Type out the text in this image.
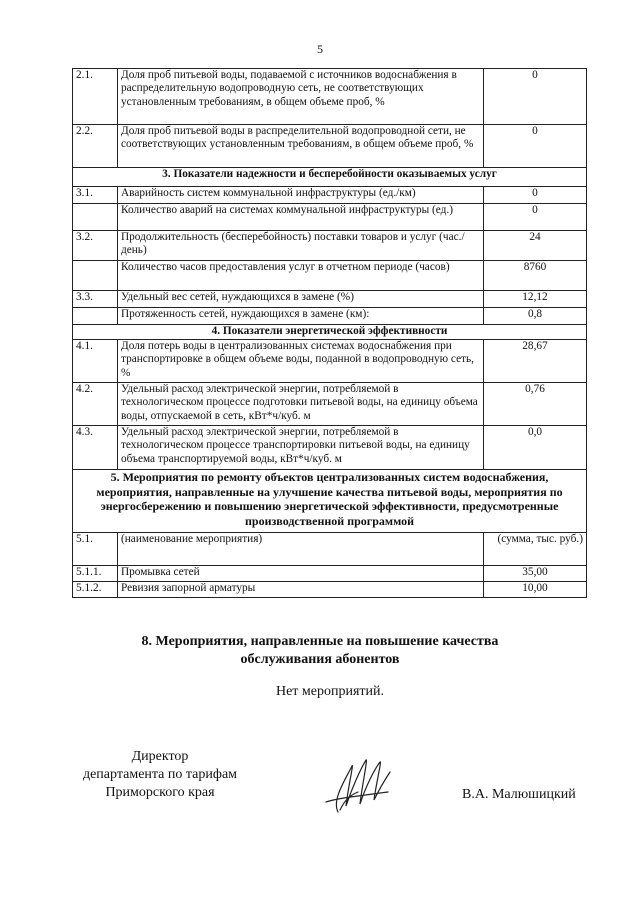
5
2.1.	Доля проб питьевой воды, подаваемой с источников водоснабжения в распределительную водопроводную сеть, не соответствующих установленным требованиям, в общем объеме проб, %	0
2.2.	Доля проб питьевой воды в распределительной водопроводной сети, не соответствующих установленным требованиям, в общем объеме проб, %	0
3. Показатели надежности и бесперебойности оказываемых услуг		
3.1.	Аварийность систем коммунальной инфраструктуры (ед./км)	0
	Количество аварий на системах коммунальной инфраструктуры (ед.)	0
3.2.	Продолжительность (бесперебойность) поставки товаров и услуг (час./день)	24
	Количество часов предоставления услуг в отчетном периоде (часов)	8760
3.3.	Удельный вес сетей, нуждающихся в замене (%)	12,12
	Протяженность сетей, нуждающихся в замене (км):	0,8
4. Показатели энергетической эффективности		
4.1.	Доля потерь воды в централизованных системах водоснабжения при транспортировке в общем объеме воды, поданной в водопроводную сеть, %	28,67
4.2.	Удельный расход электрической энергии, потребляемой в технологическом процессе подготовки питьевой воды, на единицу объема воды, отпускаемой в сеть, кВт*ч/куб. м	0,76
4.3.	Удельный расход электрической энергии, потребляемой в технологическом процессе транспортировки питьевой воды, на единицу объема транспортируемой воды, кВт*ч/куб. м	0,0
5. Мероприятия по ремонту объектов централизованных систем водоснабжения, мероприятия, направленные на улучшение качества питьевой воды, мероприятия по энергосбережению и повышению энергетической эффективности, предусмотренные производственной программой		
5.1.	(наименование мероприятия)	(сумма, тыс. руб.)
5.1.1.	Промывка сетей	35,00
5.1.2.	Ревизия запорной арматуры	10,00
8. Мероприятия, направленные на повышение качества обслуживания абонентов
Нет мероприятий.
Директор
департамента по тарифам
Приморского края	В.А. Малюшицкий
